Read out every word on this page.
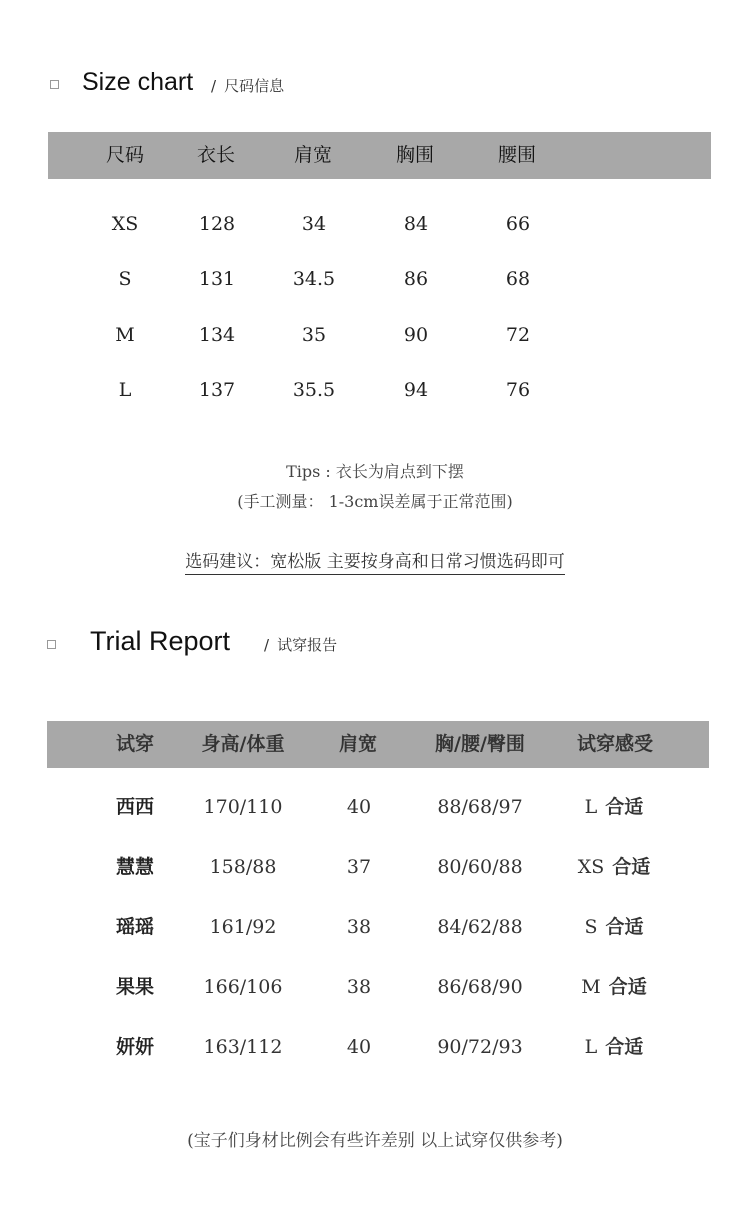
Size chart / 尺码信息
尺码	衣长	肩宽	胸围	腰围
XS	128	34	84	66
S	131	34.5	86	68
M	134	35	90	72
L	137	35.5	94	76
Tips : 衣长为肩点到下摆
(手工测量： 1-3cm误差属于正常范围)
选码建议：宽松版 主要按身高和日常习惯选码即可
Trial Report / 试穿报告
试穿	身高/体重	肩宽	胸/腰/臀围	试穿感受
西西	170/110	40	88/68/97	L 合适
慧慧	158/88	37	80/60/88	XS 合适
瑶瑶	161/92	38	84/62/88	S 合适
果果	166/106	38	86/68/90	M 合适
妍妍	163/112	40	90/72/93	L 合适
(宝子们身材比例会有些许差别 以上试穿仅供参考)
